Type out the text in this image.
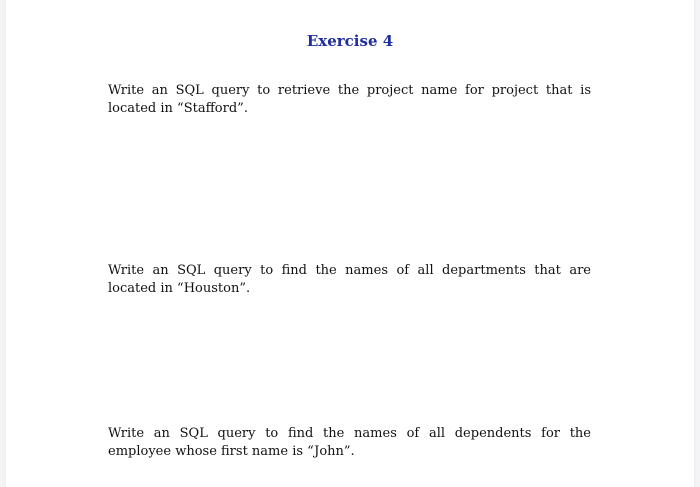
Exercise 4
Write an SQL query to retrieve the project name for project that is located in “Stafford”.
Write an SQL query to find the names of all departments that are located in “Houston”.
Write an SQL query to find the names of all dependents for the employee whose first name is “John”.
